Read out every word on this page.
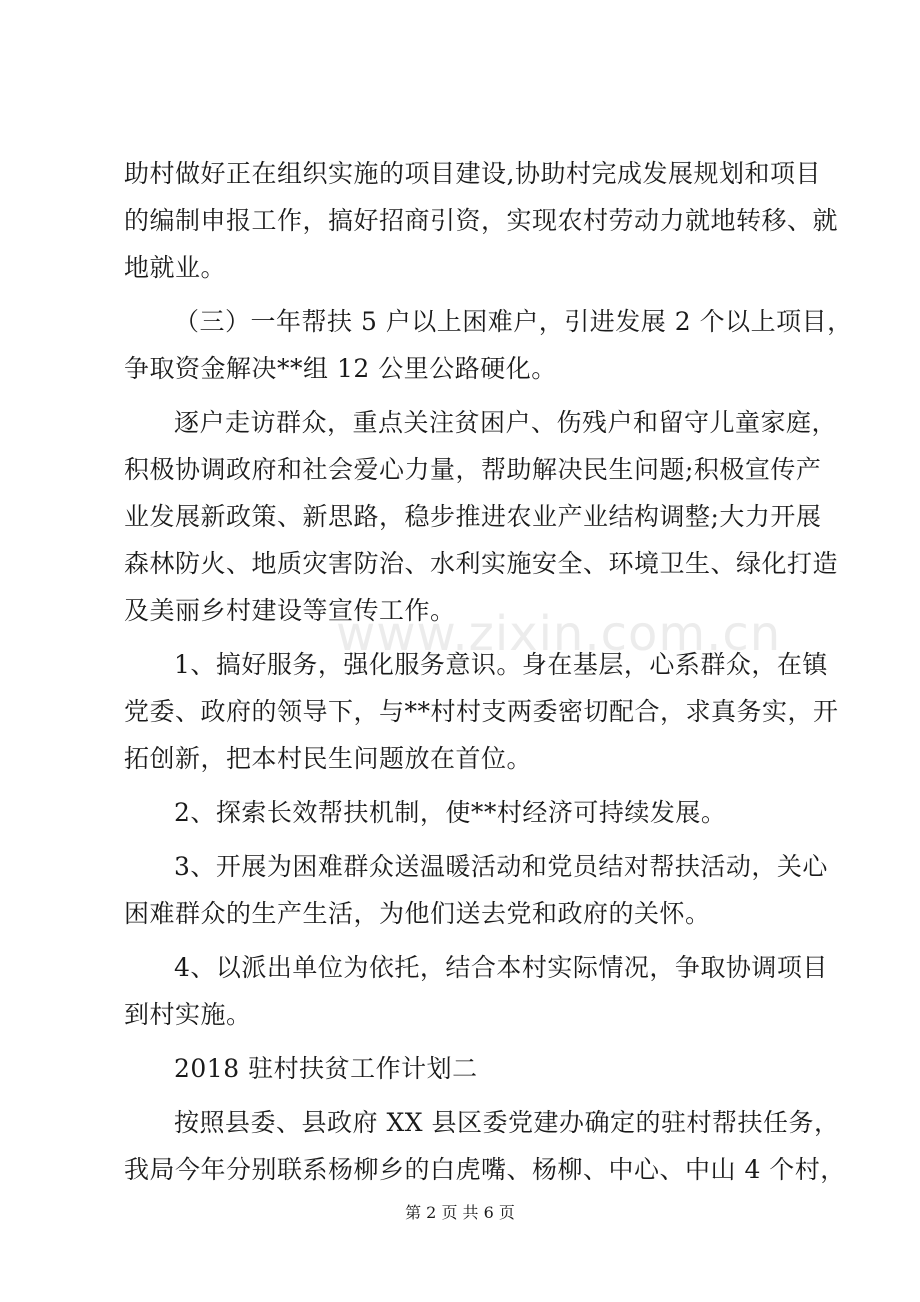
www.zixin.com.cn
助村做好正在组织实施的项目建设,协助村完成发展规划和项目
的编制申报工作，搞好招商引资，实现农村劳动力就地转移、就
地就业。
（三）一年帮扶 5 户以上困难户，引进发展 2 个以上项目，
争取资金解决**组 12 公里公路硬化。
逐户走访群众，重点关注贫困户、伤残户和留守儿童家庭，
积极协调政府和社会爱心力量，帮助解决民生问题;积极宣传产
业发展新政策、新思路，稳步推进农业产业结构调整;大力开展
森林防火、地质灾害防治、水利实施安全、环境卫生、绿化打造
及美丽乡村建设等宣传工作。
1、搞好服务，强化服务意识。身在基层，心系群众，在镇
党委、政府的领导下，与**村村支两委密切配合，求真务实，开
拓创新，把本村民生问题放在首位。
2、探索长效帮扶机制，使**村经济可持续发展。
3、开展为困难群众送温暖活动和党员结对帮扶活动，关心
困难群众的生产生活，为他们送去党和政府的关怀。
4、以派出单位为依托，结合本村实际情况，争取协调项目
到村实施。
2018 驻村扶贫工作计划二
按照县委、县政府 XX 县区委党建办确定的驻村帮扶任务，
我局今年分别联系杨柳乡的白虎嘴、杨柳、中心、中山 4 个村，
第 2 页 共 6 页
